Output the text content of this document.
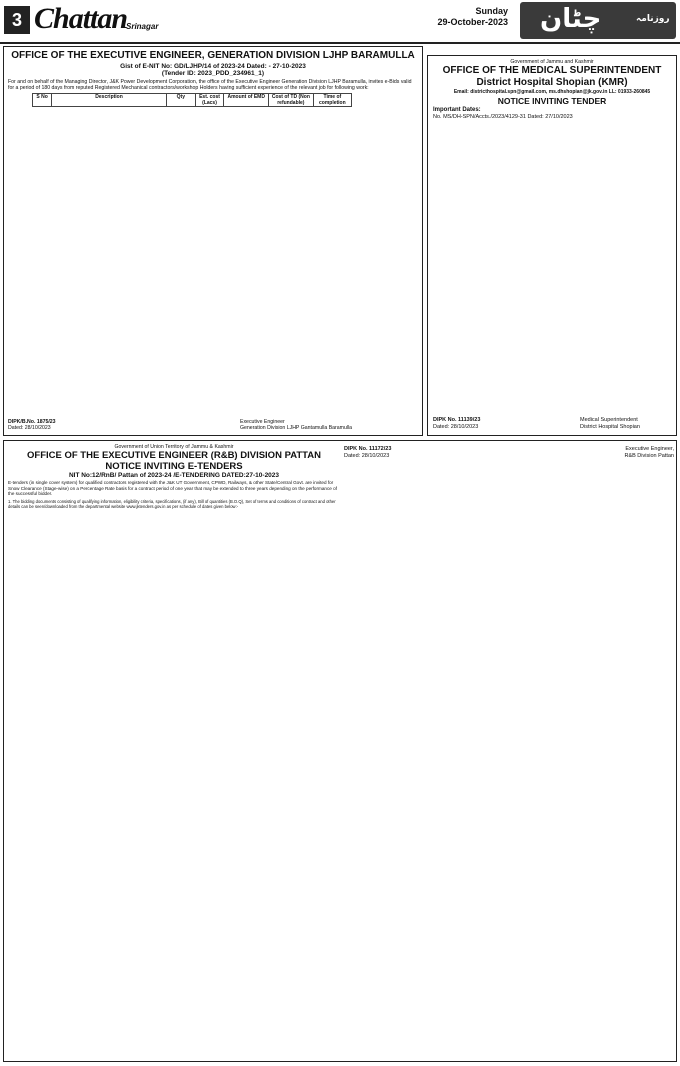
3 Chattan
Srinagar
Sunday
29-October-2023 چٹان	روزنامہ
OFFICE OF THE EXECUTIVE ENGINEER, GENERATION DIVISION LJHP BARAMULLA
Gist of E-NIT No: GD/LJHP/14 of 2023-24 Dated: - 27-10-2023
(Tender ID: 2023_PDD_234961_1)
For and on behalf of the Managing Director, J&K Power Development Corporation, the office of the Executive Engineer Generation Division LJHP Baramulla, invites e-Bids valid for a period of 180 days from reputed Registered Mechanical contractors/workshop Holders having sufficient experience of the relevant job for following work:
S No	Description	Qty	Est. cost (Lacs)	Amount of EMD	Cost of TD (Non refundable)	Time of completion
DIPK/B.No. 1875/23
Dated: 28/10/2023
Executive Engineer
Generation Division LJHP Gantamulla Baramulla
Government of Jammu and Kashmir
OFFICE OF THE MEDICAL SUPERINTENDENT
District Hospital Shopian (KMR)
Email: districthospital.spn@gmail.com, ms.dhshopian@jk.gov.in LL: 01933-260845
NOTICE INVITING TENDER
Important Dates:
No. MS/DH-SPN/Accts./2023/4129-31 Dated: 27/10/2023
DIPK No. 11139/23
Dated: 28/10/2023
Medical Superintendent
District Hospital Shopian
Government of Union Territory of Jammu & Kashmir
OFFICE OF THE EXECUTIVE ENGINEER (R&B) DIVISION PATTAN
NOTICE INVITING E-TENDERS
NIT No:12/RnB/ Pattan of 2023-24 /E-TENDERING DATED:27-10-2023
E-tenders (in single cover system) for qualified contractors registered with the J&K UT Government, CPWD, Railways, & other State/Central Govt. are invited for Snow Clearance (Stage-wise) on a Percentage Rate basis for a contract period of one year that may be extended to three years depending on the performance of the successful bidder.
1. The bidding documents consisting of qualifying information, eligibility criteria, specifications, (if any), Bill of quantities (B.O.Q), Set of terms and conditions of contract and other details can be seen/downloaded from the departmental website www.jktenders.gov.in as per schedule of dates given below:-
DIPK No. 11172/23
Dated: 28/10/2023
Executive Engineer,
R&B Division Pattan
